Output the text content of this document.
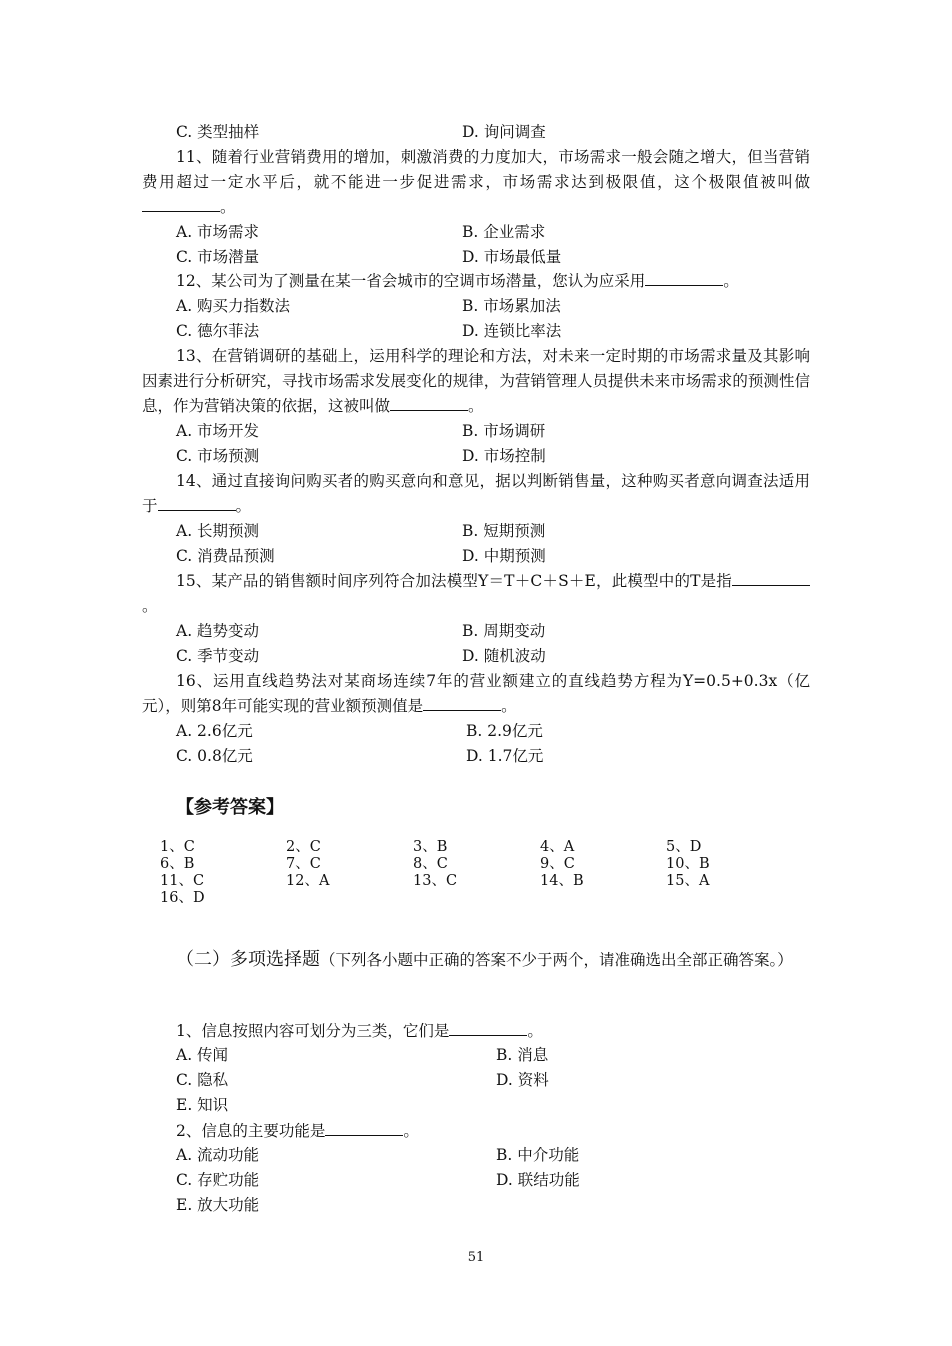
C. 类型抽样	D. 询问调查
11、随着行业营销费用的增加，刺激消费的力度加大，市场需求一般会随之增大，但当营销费用超过一定水平后，就不能进一步促进需求，市场需求达到极限值，这个极限值被叫做。
A. 市场需求	B. 企业需求
C. 市场潜量	D. 市场最低量
12、某公司为了测量在某一省会城市的空调市场潜量，您认为应采用	。
A. 购买力指数法	B. 市场累加法
C. 德尔菲法	D. 连锁比率法
13、在营销调研的基础上，运用科学的理论和方法，对未来一定时期的市场需求量及其影响因素进行分析研究，寻找市场需求发展变化的规律，为营销管理人员提供未来市场需求的预测性信息，作为营销决策的依据，这被叫做	。
A. 市场开发	B. 市场调研
C. 市场预测	D. 市场控制
14、通过直接询问购买者的购买意向和意见，据以判断销售量，这种购买者意向调查法适用于	。
A. 长期预测	B. 短期预测
C. 消费品预测	D. 中期预测
15、某产品的销售额时间序列符合加法模型Y＝T＋C＋S＋E，此模型中的T是指。
A. 趋势变动	B. 周期变动
C. 季节变动	D. 随机波动
16、运用直线趋势法对某商场连续7年的营业额建立的直线趋势方程为Y=0.5+0.3x（亿元），则第8年可能实现的营业额预测值是	。
A. 2.6亿元	B. 2.9亿元
C. 0.8亿元	D. 1.7亿元
【参考答案】
1、C	2、C	3、B	4、A	5、D
6、B	7、C	8、C	9、C	10、B
11、C	12、A	13、C	14、B	15、A
16、D
（二）多项选择题（下列各小题中正确的答案不少于两个，请准确选出全部正确答案。）
1、信息按照内容可划分为三类，它们是	。
A. 传闻	B. 消息
C. 隐私	D. 资料
E. 知识
2、信息的主要功能是	。
A. 流动功能	B. 中介功能
C. 存贮功能	D. 联结功能
E. 放大功能
51
